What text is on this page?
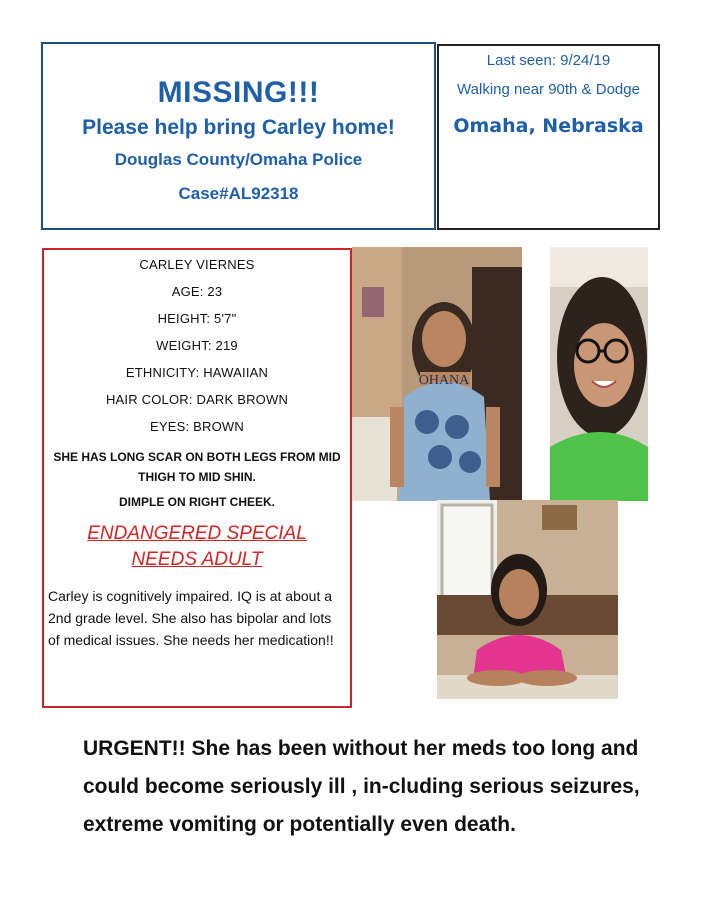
MISSING!!!
Please help bring Carley home!
Douglas County/Omaha Police
Case#AL92318
Last seen: 9/24/19
Walking near 90th & Dodge
Omaha, Nebraska
CARLEY VIERNES
AGE: 23
HEIGHT: 5'7"
WEIGHT: 219
ETHNICITY: HAWAIIAN
HAIR COLOR: DARK BROWN
EYES: BROWN
SHE HAS LONG SCAR ON BOTH LEGS FROM MID THIGH TO MID SHIN.
DIMPLE ON RIGHT CHEEK.
ENDANGERED SPECIAL
NEEDS ADULT
Carley is cognitively impaired. IQ is at about a 2nd grade level. She also has bipolar and lots of medical issues. She needs her medication!!
OHANA
URGENT!! She has been without her meds too long and could become seriously ill , in-cluding serious seizures, extreme vomiting or potentially even death.
